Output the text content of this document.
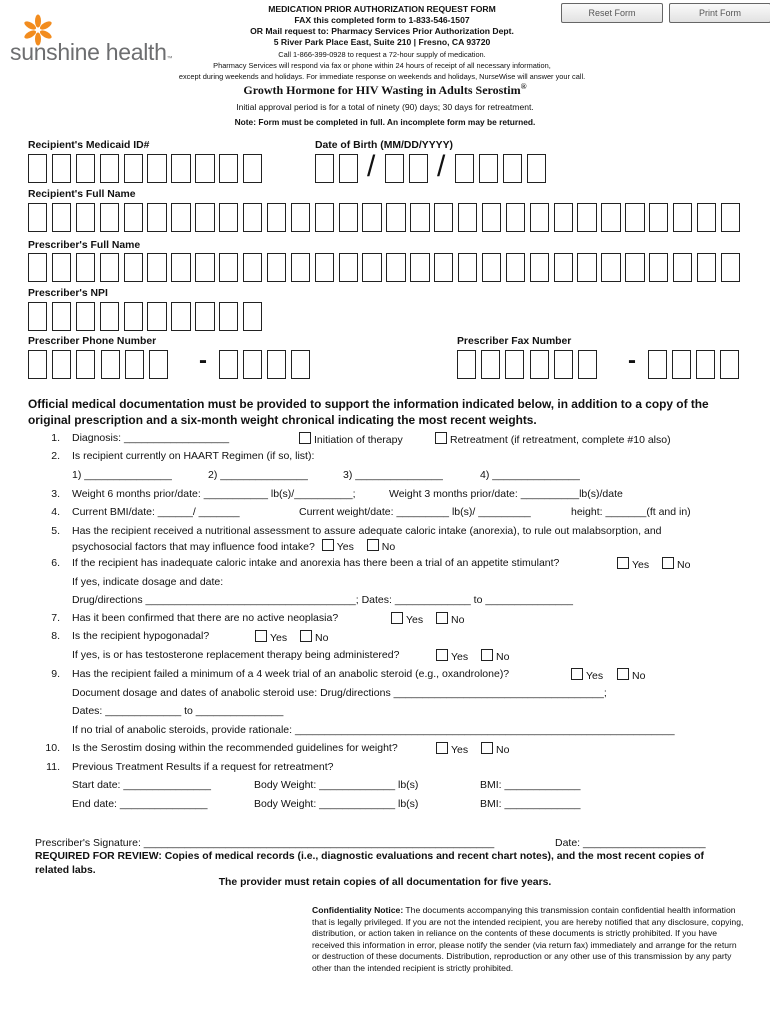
sunshine health™
Reset Form	Print Form
MEDICATION PRIOR AUTHORIZATION REQUEST FORM
FAX this completed form to 1-833-546-1507
OR Mail request to: Pharmacy Services Prior Authorization Dept.
5 River Park Place East, Suite 210 | Fresno, CA 93720
Call 1-866-399-0928 to request a 72-hour supply of medication.
Pharmacy Services will respond via fax or phone within 24 hours of receipt of all necessary information,
except during weekends and holidays. For immediate response on weekends and holidays, NurseWise will answer your call.
Growth Hormone for HIV Wasting in Adults Serostim®
Initial approval period is for a total of ninety (90) days; 30 days for retreatment.
Note: Form must be completed in full. An incomplete form may be returned.
Recipient's Medicaid ID#	Date of Birth (MM/DD/YYYY)
/ /
Recipient's Full Name
Prescriber's Full Name
Prescriber's NPI
Prescriber Phone Number
-
Prescriber Fax Number
-
Official medical documentation must be provided to support the information indicated below, in addition to a copy of the original prescription and a six-month weight chronical indicating the most recent weights.
1. Diagnosis: __________________	Initiation of therapy	Retreatment (if retreatment, complete #10 also)
2. Is recipient currently on HAART Regimen (if so, list):
1) _______________	2) _______________	3) _______________	4) _______________
3. Weight 6 months prior/date: ___________ lb(s)/__________;	Weight 3 months prior/date: __________lb(s)/date
4. Current BMI/date: ______/ _______	Current weight/date: _________ lb(s)/ _________	height: _______(ft and in)
5. Has the recipient received a nutritional assessment to assure adequate caloric intake (anorexia), to rule out malabsorption, and
psychosocial factors that may influence food intake? Yes	No
6. If the recipient has inadequate caloric intake and anorexia has there been a trial of an appetite stimulant?	Yes	No
If yes, indicate dosage and date:
Drug/directions ____________________________________; Dates: _____________ to _______________
7. Has it been confirmed that there are no active neoplasia?	Yes	No
8. Is the recipient hypogonadal?	Yes	No
If yes, is or has testosterone replacement therapy being administered?	Yes	No
9. Has the recipient failed a minimum of a 4 week trial of an anabolic steroid (e.g., oxandrolone)?	Yes	No
Document dosage and dates of anabolic steroid use: Drug/directions ____________________________________;
Dates: _____________ to _______________
If no trial of anabolic steroids, provide rationale: _________________________________________________________________
10. Is the Serostim dosing within the recommended guidelines for weight?	Yes	No
11. Previous Treatment Results if a request for retreatment?
Start date: _______________	Body Weight: _____________ lb(s)	BMI: _____________
End date: _______________	Body Weight: _____________ lb(s)	BMI: _____________
Prescriber's Signature: ____________________________________________________________	Date: _____________________
REQUIRED FOR REVIEW: Copies of medical records (i.e., diagnostic evaluations and recent chart notes), and the most recent copies of related labs.
The provider must retain copies of all documentation for five years.
Confidentiality Notice: The documents accompanying this transmission contain confidential health information that is legally privileged. If you are not the intended recipient, you are hereby notified that any disclosure, copying, distribution, or action taken in reliance on the contents of these documents is strictly prohibited. If you have received this information in error, please notify the sender (via return fax) immediately and arrange for the return or destruction of these documents. Distribution, reproduction or any other use of this transmission by any party other than the intended recipient is strictly prohibited.
